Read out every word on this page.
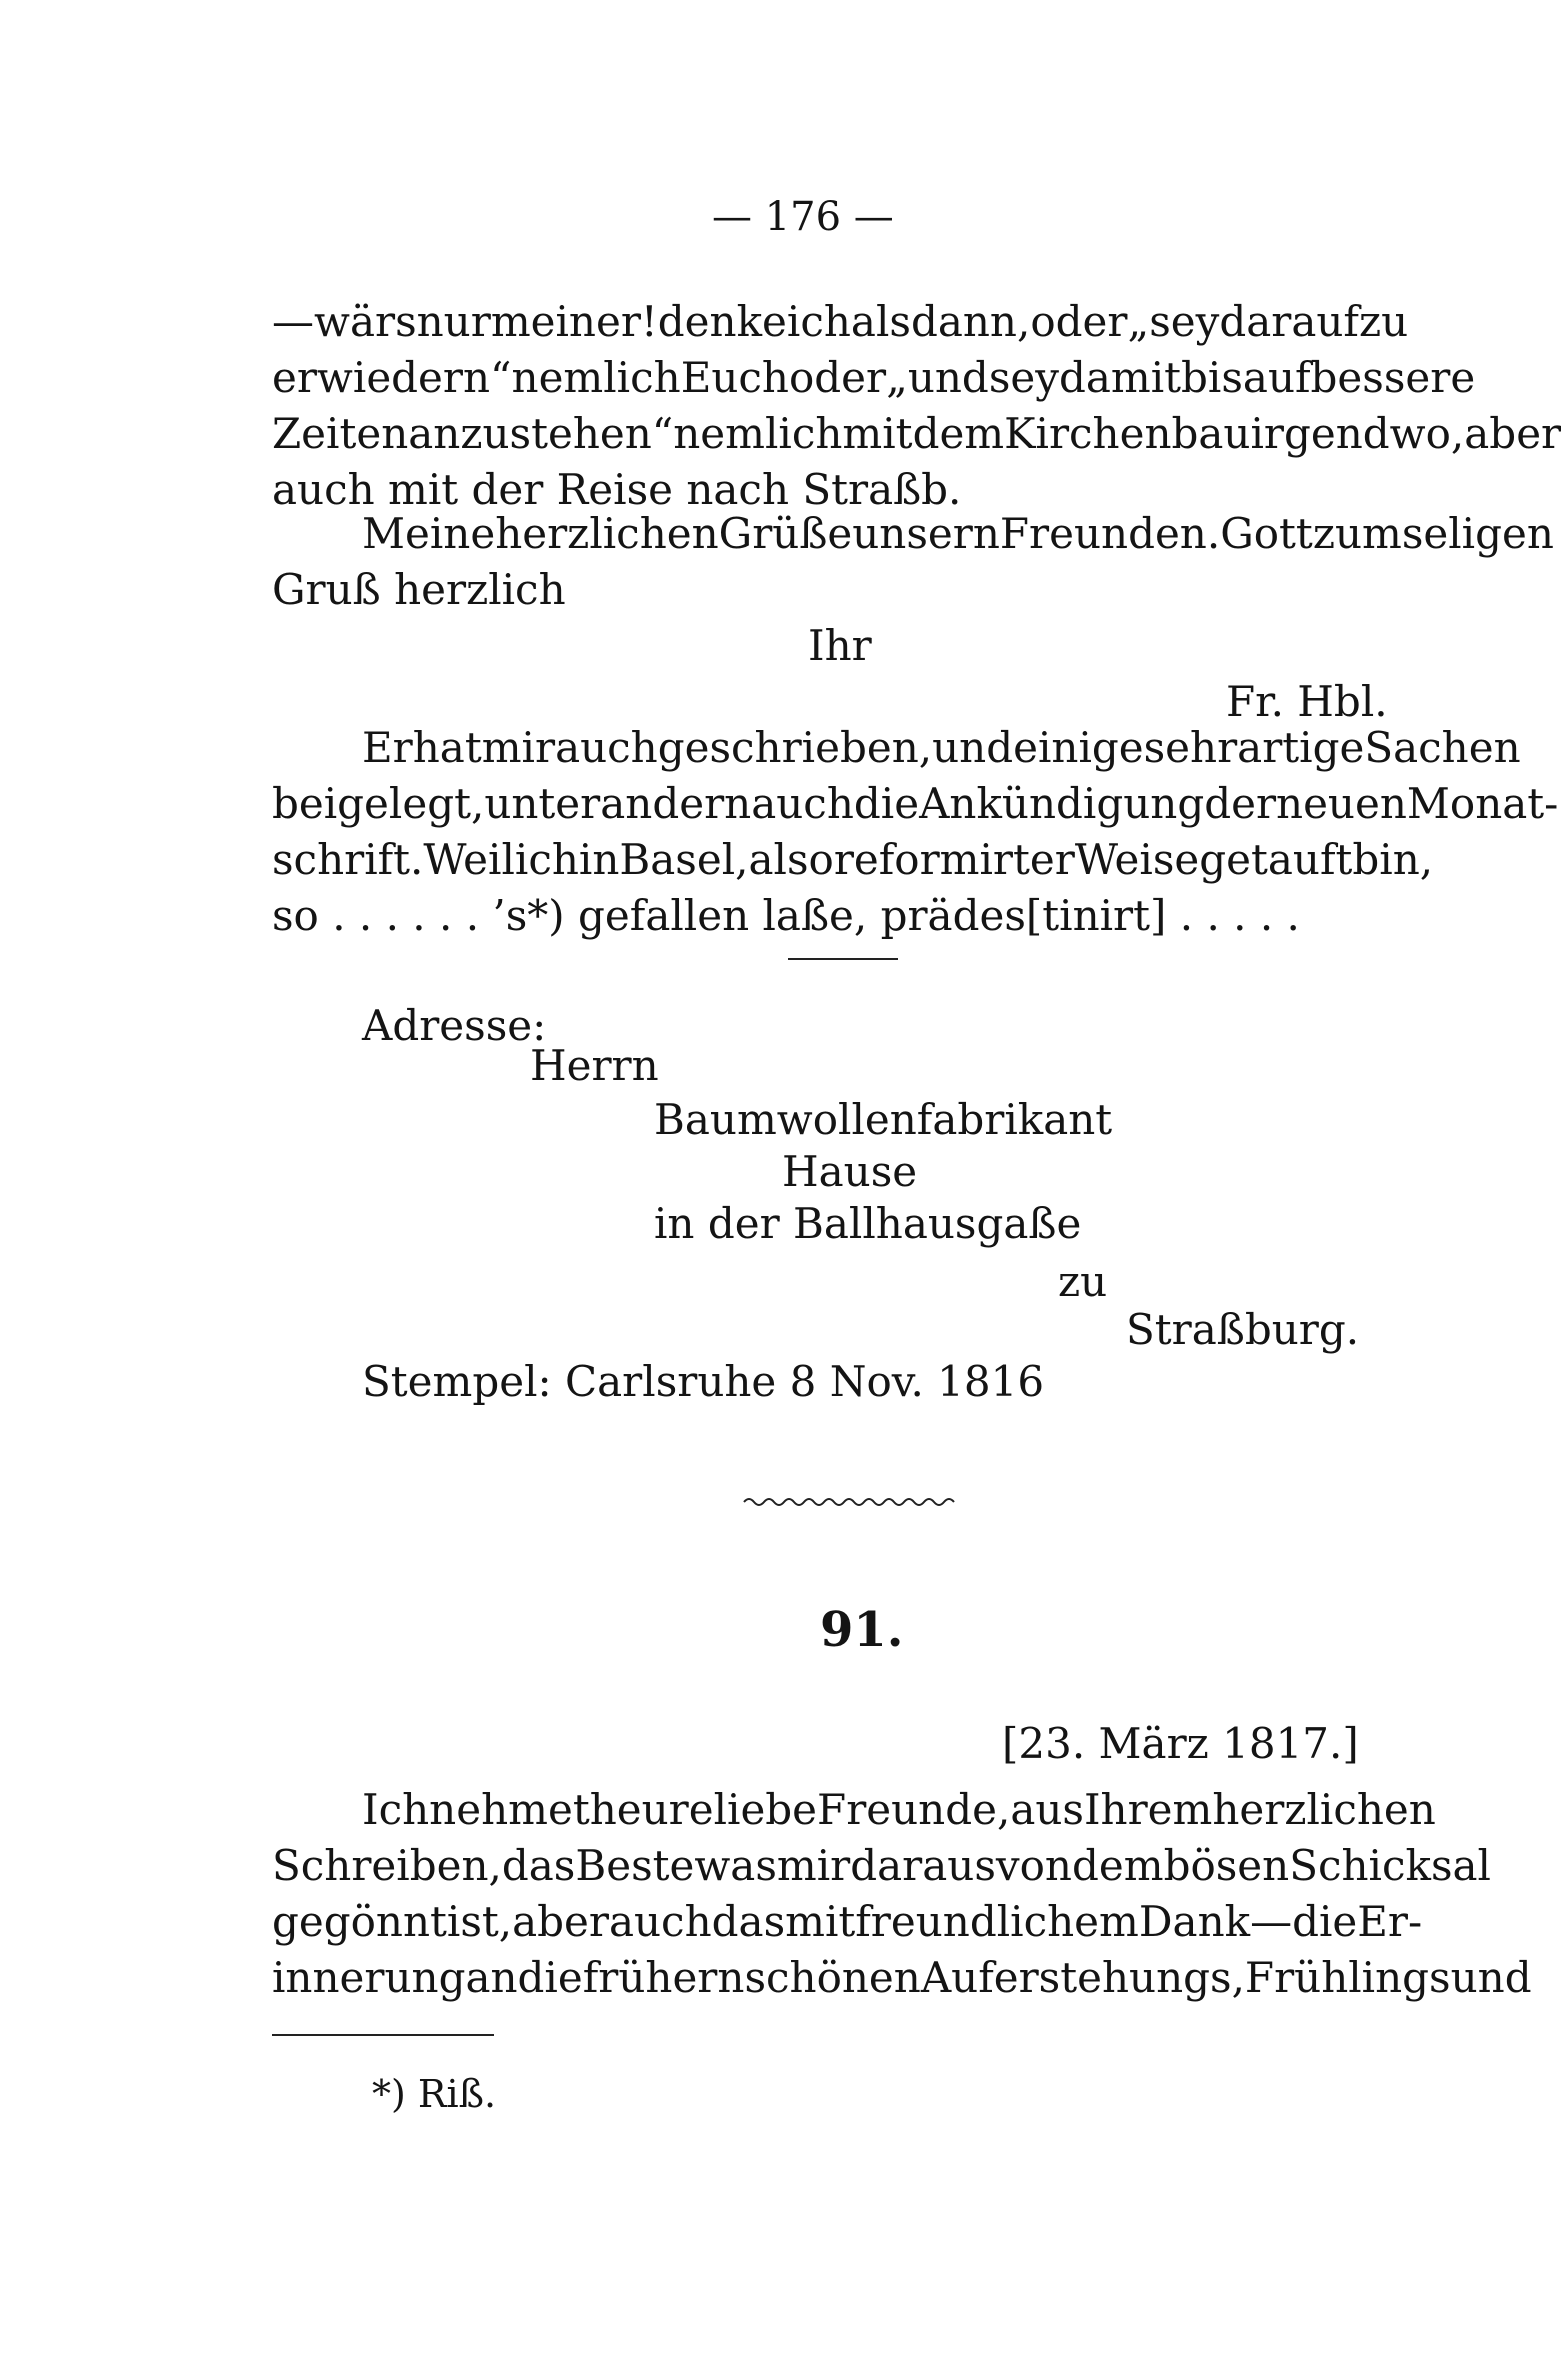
— 176 —
— wärs nur meiner! denke ich alsdann, oder „sey darauf zu
erwiedern“ nemlich Euch oder „und sey damit bis auf bessere
Zeiten anzustehen“ nemlich mit dem Kirchenbau irgendwo, aber
auch mit der Reise nach Straßb.
Meine herzlichen Grüße unsern Freunden. Gott zum seligen
Gruß herzlich
Ihr
Fr. Hbl.
Er hat mir auch geschrieben, und einige sehr artige Sachen
beigelegt, unter andern auch die Ankündigung der neuen Monat-
schrift. Weil ich in Basel, also reformirter Weise getauft bin,
so . . . . . . ’s*) gefallen laße, prädes[tinirt] . . . . .
Adresse:
Herrn
Baumwollenfabrikant
Hause
in der Ballhausgaße
zu
Straßburg.
Stempel: Carlsruhe 8 Nov. 1816
91.
[23. März 1817.]
Ich nehme theure liebe Freunde, aus Ihrem herzlichen
Schreiben, das Beste was mir daraus von dem bösen Schicksal
gegönnt ist, aber auch das mit freundlichem Dank — die Er-
innerung an die frühern schönen Auferstehungs, Frühlings und
*) Riß.
